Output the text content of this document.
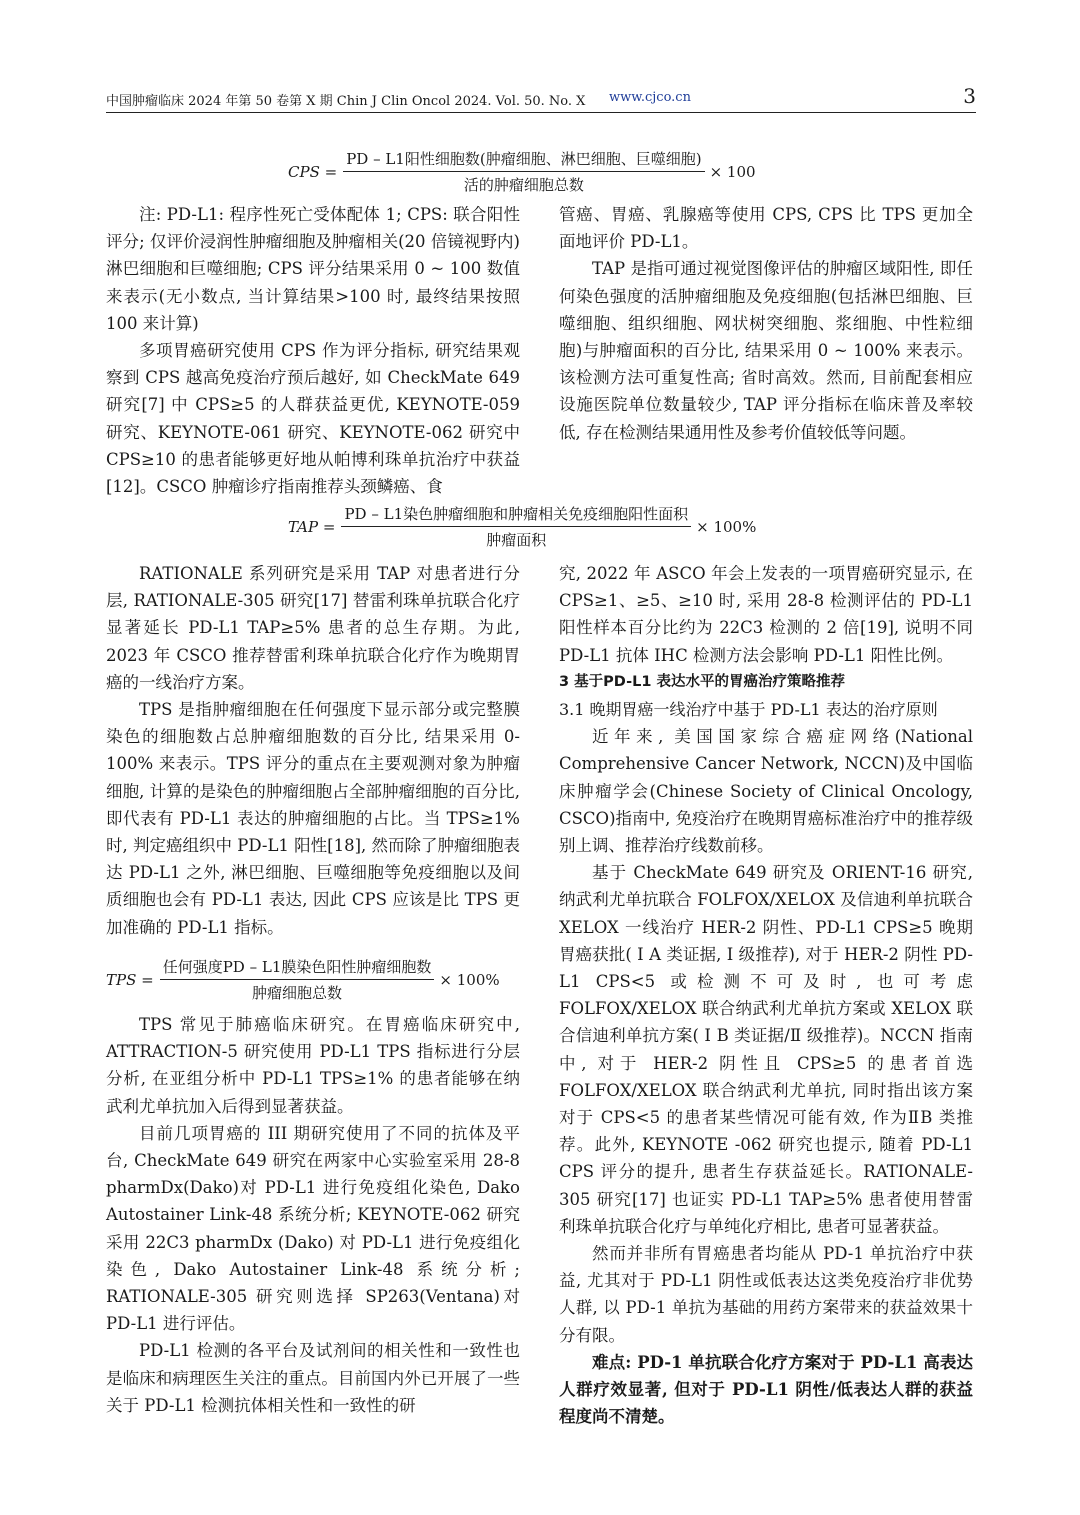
中国肿瘤临床 2024 年第 50 卷第 X 期 Chin J Clin Oncol 2024. Vol. 50. No. X www.cjco.cn	3
CPS = $\frac{\text{PD – L1阳性细胞数(肿瘤细胞、淋巴细胞、巨噬细胞)}}{\text{活的肿瘤细胞总数}} \times 100$

注: PD-L1: 程序性死亡受体配体 1; CPS: 联合阳性评分; 仅评价浸润性肿瘤细胞及肿瘤相关(20 倍镜视野内)淋巴细胞和巨噬细胞; CPS 评分结果采用 0 ~ 100 数值来表示(无小数点, 当计算结果>100 时, 最终结果按照 100 来计算)

多项胃癌研究使用 CPS 作为评分指标, 研究结果观察到 CPS 越高免疫治疗预后越好, 如 CheckMate 649 研究[7] 中 CPS≥5 的人群获益更优, KEYNOTE-059 研究、KEYNOTE-061 研究、KEYNOTE-062 研究中 CPS≥10 的患者能够更好地从帕博利珠单抗治疗中获益[12]。CSCO 肿瘤诊疗指南推荐头颈鳞癌、食

管癌、胃癌、乳腺癌等使用 CPS, CPS 比 TPS 更加全面地评价 PD-L1。

TAP 是指可通过视觉图像评估的肿瘤区域阳性, 即任何染色强度的活肿瘤细胞及免疫细胞(包括淋巴细胞、巨噬细胞、组织细胞、网状树突细胞、浆细胞、中性粒细胞)与肿瘤面积的百分比, 结果采用 0 ~ 100% 来表示。该检测方法可重复性高; 省时高效。然而, 目前配套相应设施医院单位数量较少, TAP 评分指标在临床普及率较低, 存在检测结果通用性及参考价值较低等问题。

TAP = $\frac{\text{PD – L1染色肿瘤细胞和肿瘤相关免疫细胞阳性面积}}{\text{肿瘤面积}} \times 100\%$

RATIONALE 系列研究是采用 TAP 对患者进行分层, RATIONALE-305 研究[17] 替雷利珠单抗联合化疗显著延长 PD-L1 TAP≥5% 患者的总生存期。为此, 2023 年 CSCO 推荐替雷利珠单抗联合化疗作为晚期胃癌的一线治疗方案。

TPS 是指肿瘤细胞在任何强度下显示部分或完整膜染色的细胞数占总肿瘤细胞数的百分比, 结果采用 0-100% 来表示。TPS 评分的重点在主要观测对象为肿瘤细胞, 计算的是染色的肿瘤细胞占全部肿瘤细胞的百分比, 即代表有 PD-L1 表达的肿瘤细胞的占比。当 TPS≥1% 时, 判定癌组织中 PD-L1 阳性[18], 然而除了肿瘤细胞表达 PD-L1 之外, 淋巴细胞、巨噬细胞等免疫细胞以及间质细胞也会有 PD-L1 表达, 因此 CPS 应该是比 TPS 更加准确的 PD-L1 指标。

TPS = $\frac{\text{任何强度PD – L1膜染色阳性肿瘤细胞数}}{\text{肿瘤细胞总数}} \times 100\%$

TPS 常见于肺癌临床研究。在胃癌临床研究中, ATTRACTION-5 研究使用 PD-L1 TPS 指标进行分层分析, 在亚组分析中 PD-L1 TPS≥1% 的患者能够在纳武利尤单抗加入后得到显著获益。

目前几项胃癌的 III 期研究使用了不同的抗体及平台, CheckMate 649 研究在两家中心实验室采用 28-8 pharmDx(Dako)对 PD-L1 进行免疫组化染色, Dako Autostainer Link-48 系统分析; KEYNOTE-062 研究采用 22C3 pharmDx (Dako) 对 PD-L1 进行免疫组化染色, Dako Autostainer Link-48 系统分析; RATIONALE-305 研究则选择 SP263(Ventana)对 PD-L1 进行评估。

PD-L1 检测的各平台及试剂间的相关性和一致性也是临床和病理医生关注的重点。目前国内外已开展了一些关于 PD-L1 检测抗体相关性和一致性的研

究, 2022 年 ASCO 年会上发表的一项胃癌研究显示, 在 CPS≥1、≥5、≥10 时, 采用 28-8 检测评估的 PD-L1 阳性样本百分比约为 22C3 检测的 2 倍[19], 说明不同 PD-L1 抗体 IHC 检测方法会影响 PD-L1 阳性比例。

3 基于PD-L1 表达水平的胃癌治疗策略推荐

3.1 晚期胃癌一线治疗中基于 PD-L1 表达的治疗原则

近年来, 美国国家综合癌症网络(National Comprehensive Cancer Network, NCCN)及中国临床肿瘤学会(Chinese Society of Clinical Oncology, CSCO)指南中, 免疫治疗在晚期胃癌标准治疗中的推荐级别上调、推荐治疗线数前移。

基于 CheckMate 649 研究及 ORIENT-16 研究, 纳武利尤单抗联合 FOLFOX/XELOX 及信迪利单抗联合 XELOX 一线治疗 HER-2 阴性、PD-L1 CPS≥5 晚期胃癌获批( Ⅰ A 类证据, Ⅰ 级推荐), 对于 HER-2 阴性 PD-L1 CPS<5 或检测不可及时, 也可考虑 FOLFOX/XELOX 联合纳武利尤单抗方案或 XELOX 联合信迪利单抗方案( Ⅰ B 类证据/Ⅱ 级推荐)。NCCN 指南中, 对于 HER-2 阴性且 CPS≥5 的患者首选 FOLFOX/XELOX 联合纳武利尤单抗, 同时指出该方案对于 CPS<5 的患者某些情况可能有效, 作为ⅡB 类推荐。此外, KEYNOTE -062 研究也提示, 随着 PD-L1 CPS 评分的提升, 患者生存获益延长。RATIONALE-305 研究[17] 也证实 PD-L1 TAP≥5% 患者使用替雷利珠单抗联合化疗与单纯化疗相比, 患者可显著获益。

然而并非所有胃癌患者均能从 PD-1 单抗治疗中获益, 尤其对于 PD-L1 阴性或低表达这类免疫治疗非优势人群, 以 PD-1 单抗为基础的用药方案带来的获益效果十分有限。

难点: PD-1 单抗联合化疗方案对于 PD-L1 高表达人群疗效显著, 但对于 PD-L1 阴性/低表达人群的获益程度尚不清楚。
